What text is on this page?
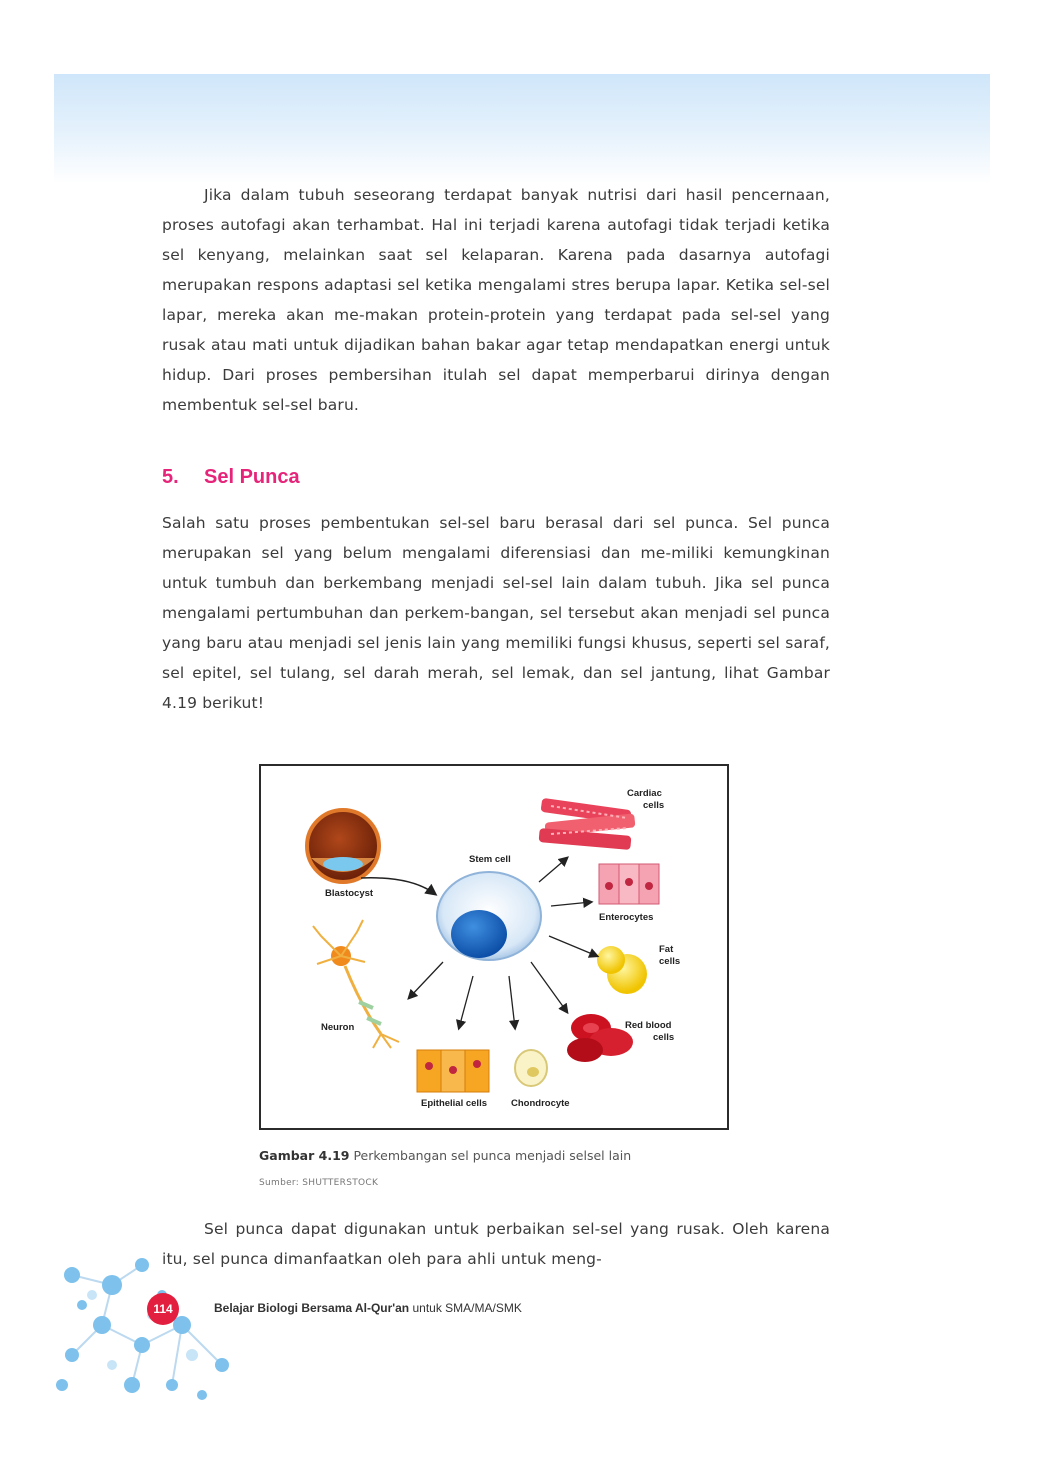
Jika dalam tubuh seseorang terdapat banyak nutrisi dari hasil pencernaan, proses autofagi akan terhambat. Hal ini terjadi karena autofagi tidak terjadi ketika sel kenyang, melainkan saat sel kelaparan. Karena pada dasarnya autofagi merupakan respons adaptasi sel ketika mengalami stres berupa lapar. Ketika sel-sel lapar, mereka akan me-makan protein-protein yang terdapat pada sel-sel yang rusak atau mati untuk dijadikan bahan bakar agar tetap mendapatkan energi untuk hidup. Dari proses pembersihan itulah sel dapat memperbarui dirinya dengan membentuk sel-sel baru.

5. Sel Punca

Salah satu proses pembentukan sel-sel baru berasal dari sel punca. Sel punca merupakan sel yang belum mengalami diferensiasi dan me-miliki kemungkinan untuk tumbuh dan berkembang menjadi sel-sel lain dalam tubuh. Jika sel punca mengalami pertumbuhan dan perkem-bangan, sel tersebut akan menjadi sel punca yang baru atau menjadi sel jenis lain yang memiliki fungsi khusus, seperti sel saraf, sel epitel, sel tulang, sel darah merah, sel lemak, dan sel jantung, lihat Gambar 4.19 berikut!

Cardiac
cells
Stem cell
Blastocyst
Enterocytes
Fat
cells
Red blood
cells
Neuron
Epithelial cells	Chondrocyte

Gambar 4.19 Perkembangan sel punca menjadi selsel lain

Sumber: SHUTTERSTOCK

Sel punca dapat digunakan untuk perbaikan sel-sel yang rusak. Oleh karena itu, sel punca dimanfaatkan oleh para ahli untuk meng-

114	Belajar Biologi Bersama Al-Qur'an untuk SMA/MA/SMK
